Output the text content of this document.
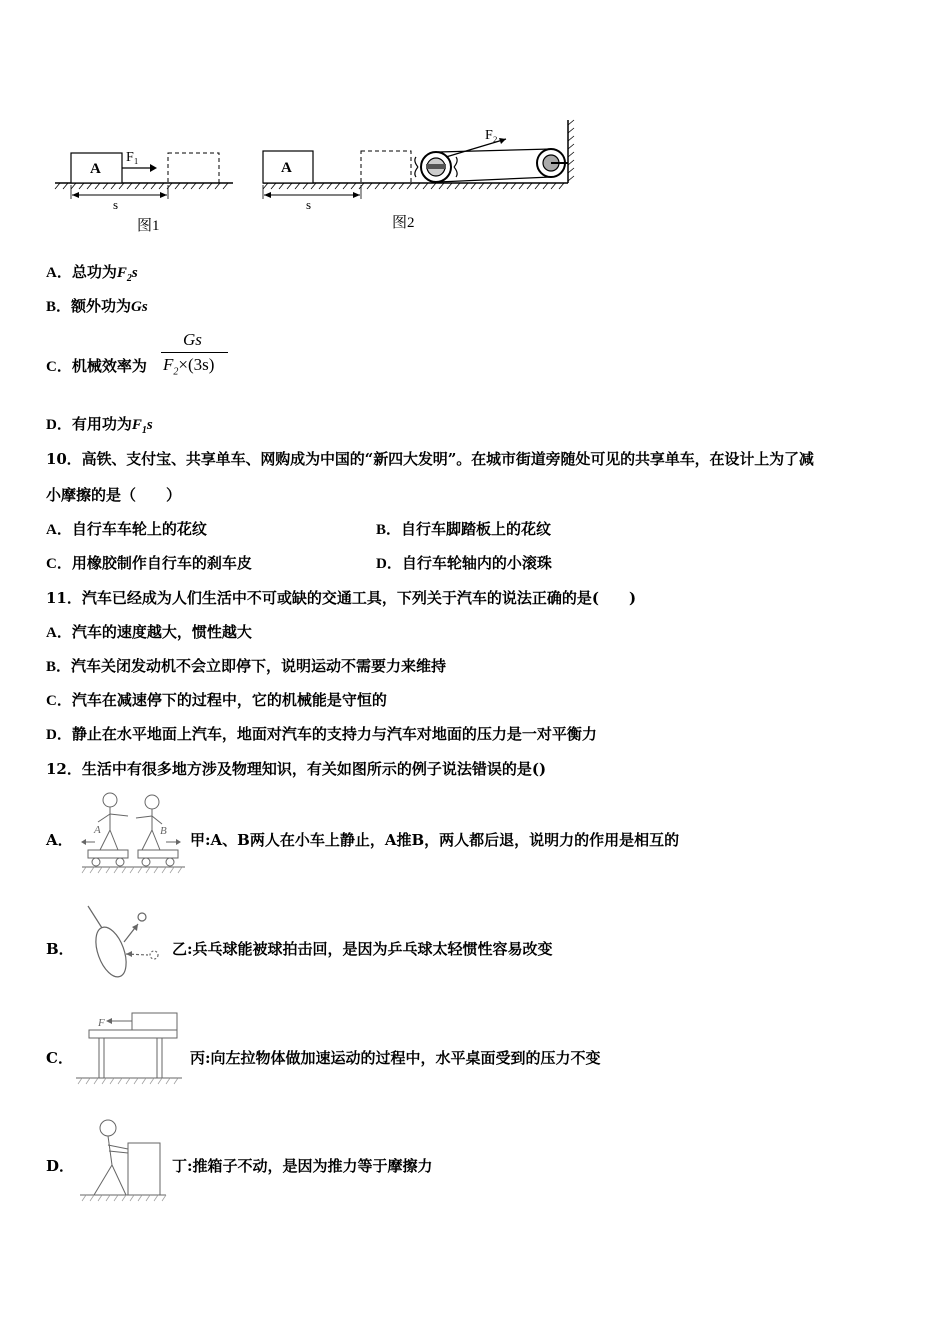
A
F₁
s
图1
A
F₂
s
图2
A．总功为$F_2s$
B．额外功为Gs
C．机械效率为
Gs
$F_2\times(3s)$
D．有用功为$F_1s$
10．高铁、支付宝、共享单车、网购成为中国的“新四大发明”。在城市街道旁随处可见的共享单车，在设计上为了减
小摩擦的是（　　）
A．自行车车轮上的花纹	B．自行车脚踏板上的花纹
C．用橡胶制作自行车的刹车皮	D．自行车轮轴内的小滚珠
11．汽车已经成为人们生活中不可或缺的交通工具，下列关于汽车的说法正确的是(　　)
A．汽车的速度越大，惯性越大
B．汽车关闭发动机不会立即停下，说明运动不需要力来维持
C．汽车在减速停下的过程中，它的机械能是守恒的
D．静止在水平地面上汽车，地面对汽车的支持力与汽车对地面的压力是一对平衡力
12．生活中有很多地方涉及物理知识，有关如图所示的例子说法错误的是()
A．
A	B 甲:A、B两人在小车上静止，A推B，两人都后退，说明力的作用是相互的
B．	乙:兵乓球能被球拍击回，是因为乒乓球太轻惯性容易改变
C．
F
丙:向左拉物体做加速运动的过程中，水平桌面受到的压力不变
D．	丁:推箱子不动，是因为推力等于摩擦力
